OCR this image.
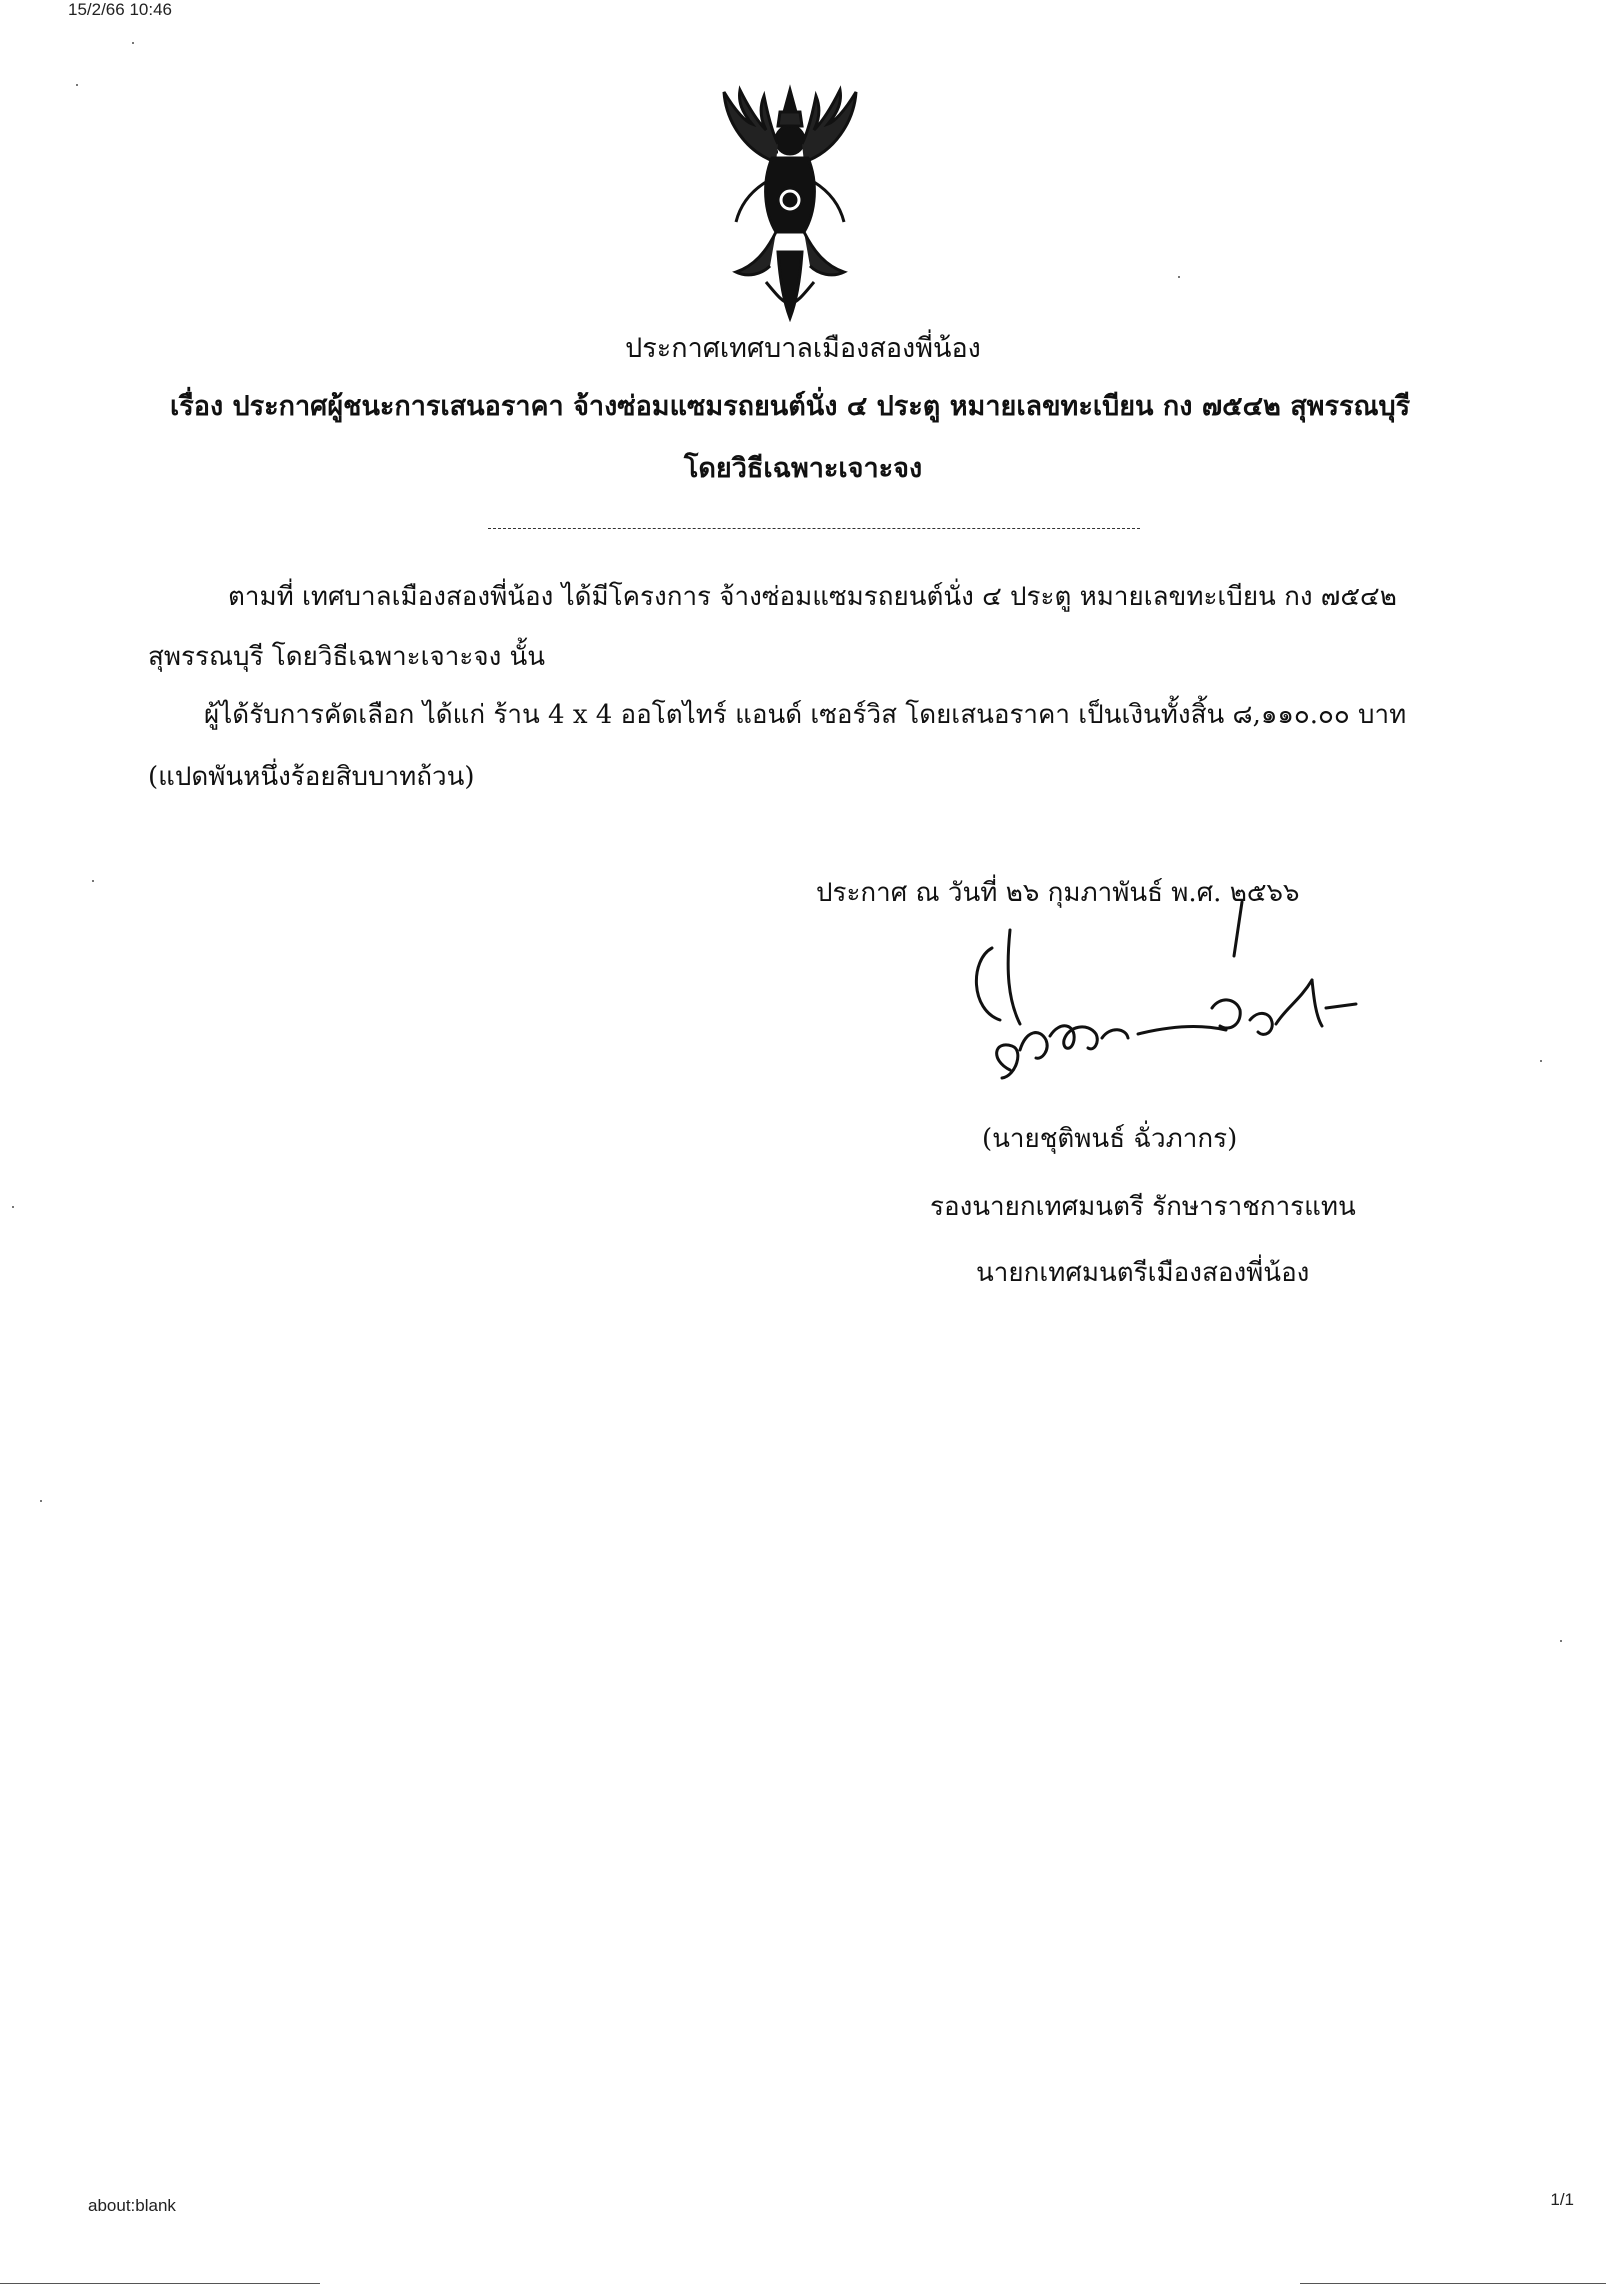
15/2/66 10:46
ประกาศเทศบาลเมืองสองพี่น้อง
เรื่อง ประกาศผู้ชนะการเสนอราคา จ้างซ่อมแซมรถยนต์นั่ง ๔ ประตู หมายเลขทะเบียน กง ๗๕๔๒ สุพรรณบุรี
โดยวิธีเฉพาะเจาะจง
ตามที่ เทศบาลเมืองสองพี่น้อง ได้มีโครงการ จ้างซ่อมแซมรถยนต์นั่ง ๔ ประตู หมายเลขทะเบียน กง ๗๕๔๒
สุพรรณบุรี โดยวิธีเฉพาะเจาะจง นั้น
ผู้ได้รับการคัดเลือก ได้แก่ ร้าน 4 x 4 ออโตไทร์ แอนด์ เซอร์วิส โดยเสนอราคา เป็นเงินทั้งสิ้น ๘,๑๑๐.๐๐ บาท
(แปดพันหนึ่งร้อยสิบบาทถ้วน)
ประกาศ ณ วันที่ ๒๖ กุมภาพันธ์ พ.ศ. ๒๕๖๖
(นายชุติพนธ์ ฉั่วภากร)
รองนายกเทศมนตรี รักษาราชการแทน
นายกเทศมนตรีเมืองสองพี่น้อง
about:blank	1/1
